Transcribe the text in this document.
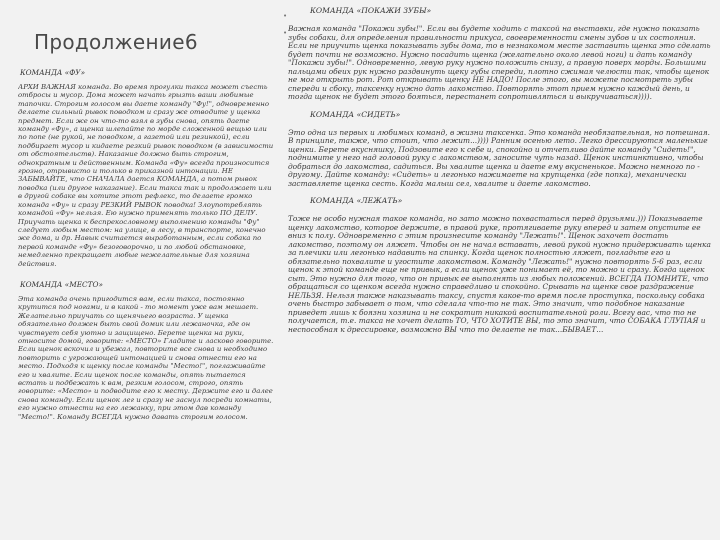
Продолжение6
КОМАНДА «ФУ»
АРХИ ВАЖНАЯ команда. Во время прогулки такса может съесть отбросы и мусор. Дома может начать грызть ваши любимые тапочки. Строгим голосом вы даете команду "Фу!", одновременно делаете сильный рывок поводком и сразу же отводите у щенка предмет. Если же он что-то взял в зубы снова, опять даете команду «Фу», а щенка шлепайте по морде сложенной вещью или по попе (не рукой, не поводком, а газетой или резинкой), если подбирает мусор и кидаете резкий рывок поводком (в зависимости от обстоятельств). Наказание должно быть строгим, однократным и действенным. Команда «Фу» всегда произносится грозно, отрывисто и только в приказной интонации. НЕ ЗАБЫВАЙТЕ, что СНАЧАЛА дается КОМАНДА, а потом рывок поводка (или другое наказание). Если такса так и продолжает или в другой собаке вы хотите этот рефлекс, то делаете громко команда «Фу» и сразу РЕЗКИЙ РЫВОК поводка! Злоупотреблять командой «Фу» нельзя. Ею нужно применять только ПО ДЕЛУ. Приучать щенка к беспрекословному выполнению команды "Фу" следует любым местом: на улице, в лесу, в транспорте, конечно же дома, и др. Навык считается выработанным, если собака по первой команде «Фу» безоговорочно, и по любой обстановке, немедленно прекращает любые нежелательные для хозяина действия.
КОМАНДА «МЕСТО»
Эта команда очень пригодится вам, если такса, постоянно крутится под ногами, и в какой - то момент уже вам мешает. Желательно приучать со щенячьего возраста. У щенка обязательно должен быть свой домик или лежаночка, где он чувствует себя уютно и защищено. Берете щенка на руки, относите домой, говорите: «МЕСТО» Гладите и ласково говорите. Если щенок вскочил и убежал, повторите все снова и необходимо повторить с угрожающей интонацией и снова отнести его на место. Подходя к щенку после команды "Место!", поглаживайте его и хвалите. Если щенок после команды, опять пытается встать и подбежать к вам, резким голосом, строго, опять говорите: «Место» и подводите его к месту. Держите его и далее снова команду. Если щенок лег и сразу не заснул посреди комнаты, его нужно отнести на его лежанку, при этом дав команду "Место!". Команду ВСЕГДА нужно давать строгим голосом.
•
•
КОМАНДА «ПОКАЖИ ЗУБЫ»
Важная команда "Покажи зубы!". Если вы будете ходить с таксой на выставки, где нужно показать зубы собаки, для определения правильности прикуса, своевременности смены зубов и их состояния. Если не приучить щенка показывать зубы дома, то в незнакомом месте заставить щенка это сделать будет почти не возможно. Нужно посадить щенка (желательно около левой ноги) и дать команду "Покажи зубы!". Одновременно, левую руку нужно положить снизу, а правую поверх морды. Большими пальцами обеих рук нужно раздвинуть щеку губы спереди, плотно сжимая челюсти так, чтобы щенок не мог открыть рот. Рот открывать щенку НЕ НАДО! После этого, вы можете посмотреть зубы спереди и сбоку, таксенку нужно дать лакомство. Повторять этот прием нужно каждый день, и тогда щенок не будет этого бояться, перестанет сопротивляться и выкручиваться)))).
КОМАНДА «СИДЕТЬ»
Это одна из первых и любимых команд, в жизни таксенка. Это команда необязательная, но потешная. В принципе, также, что стоит, что лежит...)))) Ранним осенью лето. Легко дрессируются маленькие щенки. Берете вкусняшку, Подзовите его к себе и, спокойно и отчетливо дайте команду "Сидеть!", поднимите у него над головой руку с лакомством, заносите чуть назад. Щенок инстинктивно, чтобы добраться до лакомства, садиться. Вы хвалите щенка и даете ему вкусненькое. Можно немного по - другому. Дайте команду: «Сидеть» и легонько нажимаете на крупщенка (где попка), механически заставляете щенка сесть. Когда малыш сел, хвалите и даете лакомство.
КОМАНДА «ЛЕЖАТЬ»
Тоже не особо нужная такое команда, но зато можно похвастаться перед друзьями.))) Показываете щенку лакомство, которое держите, в правой руке, протягиваете руку вперед и затем опустите ее вниз к полу. Одновременно с этим произнесите команду "Лежать!". Щенок захочет достать лакомство, поэтому он ляжет. Чтобы он не начал вставать, левой рукой нужно придерживать щенка за плечики или легонько надавить на спинку. Когда щенок полностью ляжет, погладьте его и обязательно похвалите и угостите лакомством. Команду "Лежать!" нужно повторять 5-6 раз, если щенок к этой команде еще не привык, а если щенок уже понимает её, то можно и сразу. Когда щенок сыт. Это нужно для того, что он привык ее выполнять из любых положений. ВСЕГДА ПОМНИТЕ, что обращаться со щенком всегда нужно справедливо и спокойно. Срывать на щенке свое раздражение НЕЛЬЗЯ. Нельзя также наказывать таксу, спустя какое-то время после проступка, поскольку собака очень быстро забывает о том, что сделала что-то не так. Это значит, что подобное наказание приведет лишь к боязни хозяина и не сократит никакой воспитательной роли. Всегу вас, что то не получается, т.е. такса не хочет делать ТО, ЧТО ХОТИТЕ ВЫ, то это значит, что СОБАКА ГЛУПАЯ и неспособная к дрессировке, возможно ВЫ что то делаете не так...БЫВАЕТ...
